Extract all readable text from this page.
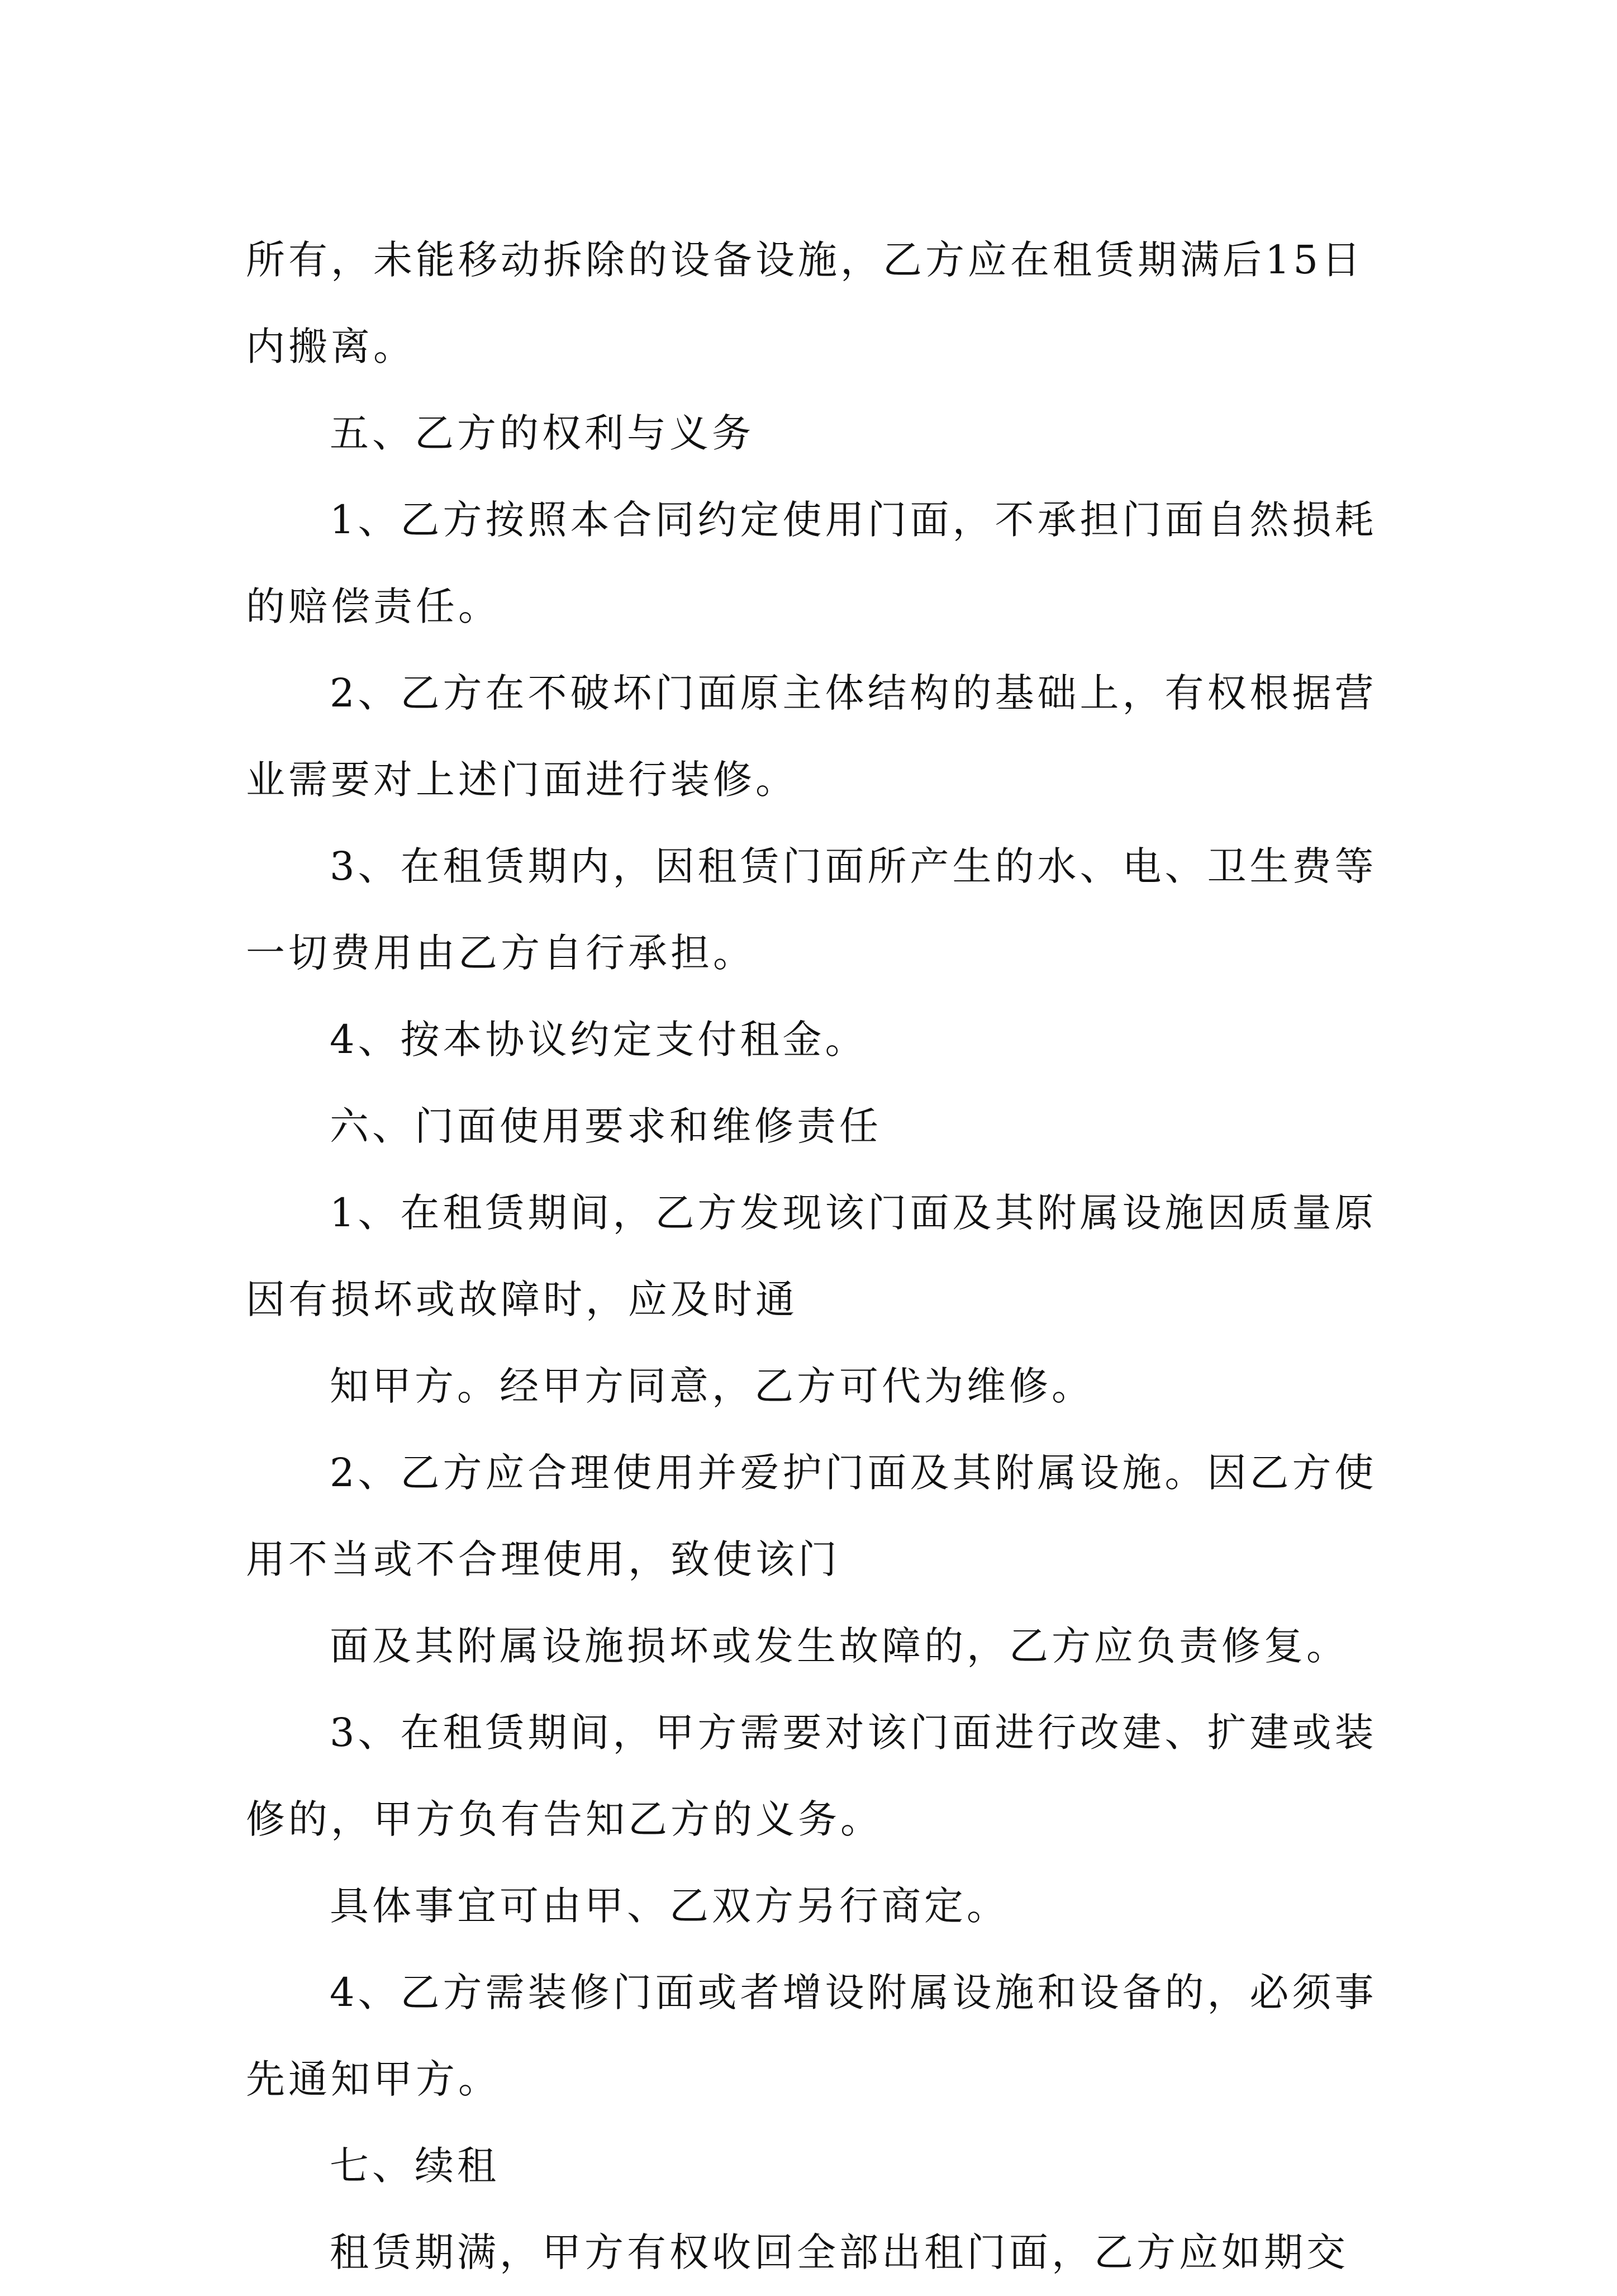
所有，未能移动拆除的设备设施，乙方应在租赁期满后15日内搬离。

五、乙方的权利与义务

1、乙方按照本合同约定使用门面，不承担门面自然损耗的赔偿责任。

2、乙方在不破坏门面原主体结构的基础上，有权根据营业需要对上述门面进行装修。

3、在租赁期内，因租赁门面所产生的水、电、卫生费等一切费用由乙方自行承担。

4、按本协议约定支付租金。

六、门面使用要求和维修责任

1、在租赁期间，乙方发现该门面及其附属设施因质量原因有损坏或故障时，应及时通

知甲方。经甲方同意，乙方可代为维修。

2、乙方应合理使用并爱护门面及其附属设施。因乙方使用不当或不合理使用，致使该门

面及其附属设施损坏或发生故障的，乙方应负责修复。

3、在租赁期间，甲方需要对该门面进行改建、扩建或装修的，甲方负有告知乙方的义务。

具体事宜可由甲、乙双方另行商定。

4、乙方需装修门面或者增设附属设施和设备的，必须事先通知甲方。

七、续租

租赁期满，甲方有权收回全部出租门面，乙方应如期交
